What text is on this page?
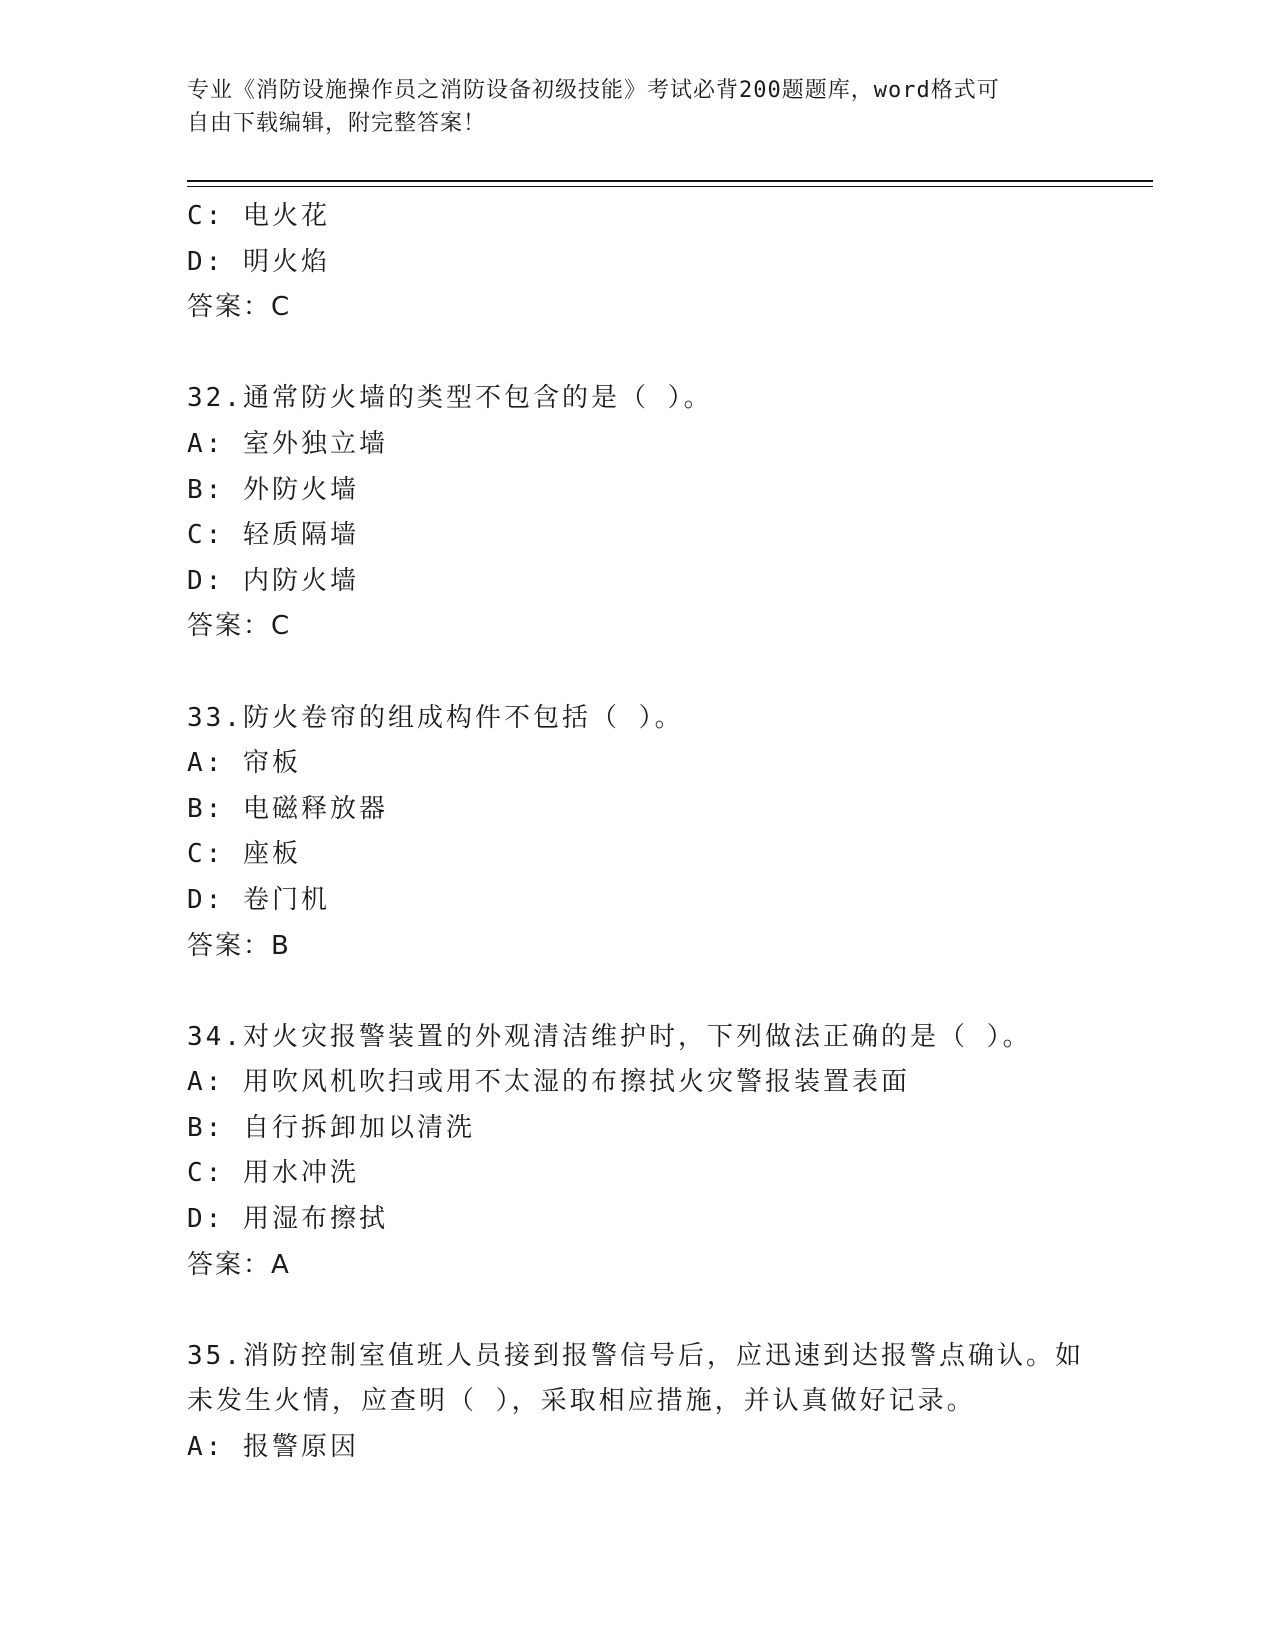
专业《消防设施操作员之消防设备初级技能》考试必背200题题库，word格式可
自由下载编辑，附完整答案！
C: 电火花
D: 明火焰
答案：C
32.通常防火墙的类型不包含的是（ ）。
A: 室外独立墙
B: 外防火墙
C: 轻质隔墙
D: 内防火墙
答案：C
33.防火卷帘的组成构件不包括（ ）。
A: 帘板
B: 电磁释放器
C: 座板
D: 卷门机
答案：B
34.对火灾报警装置的外观清洁维护时，下列做法正确的是（ ）。
A: 用吹风机吹扫或用不太湿的布擦拭火灾警报装置表面
B: 自行拆卸加以清洗
C: 用水冲洗
D: 用湿布擦拭
答案：A
35.消防控制室值班人员接到报警信号后，应迅速到达报警点确认。如
未发生火情，应查明（ ），采取相应措施，并认真做好记录。
A: 报警原因
